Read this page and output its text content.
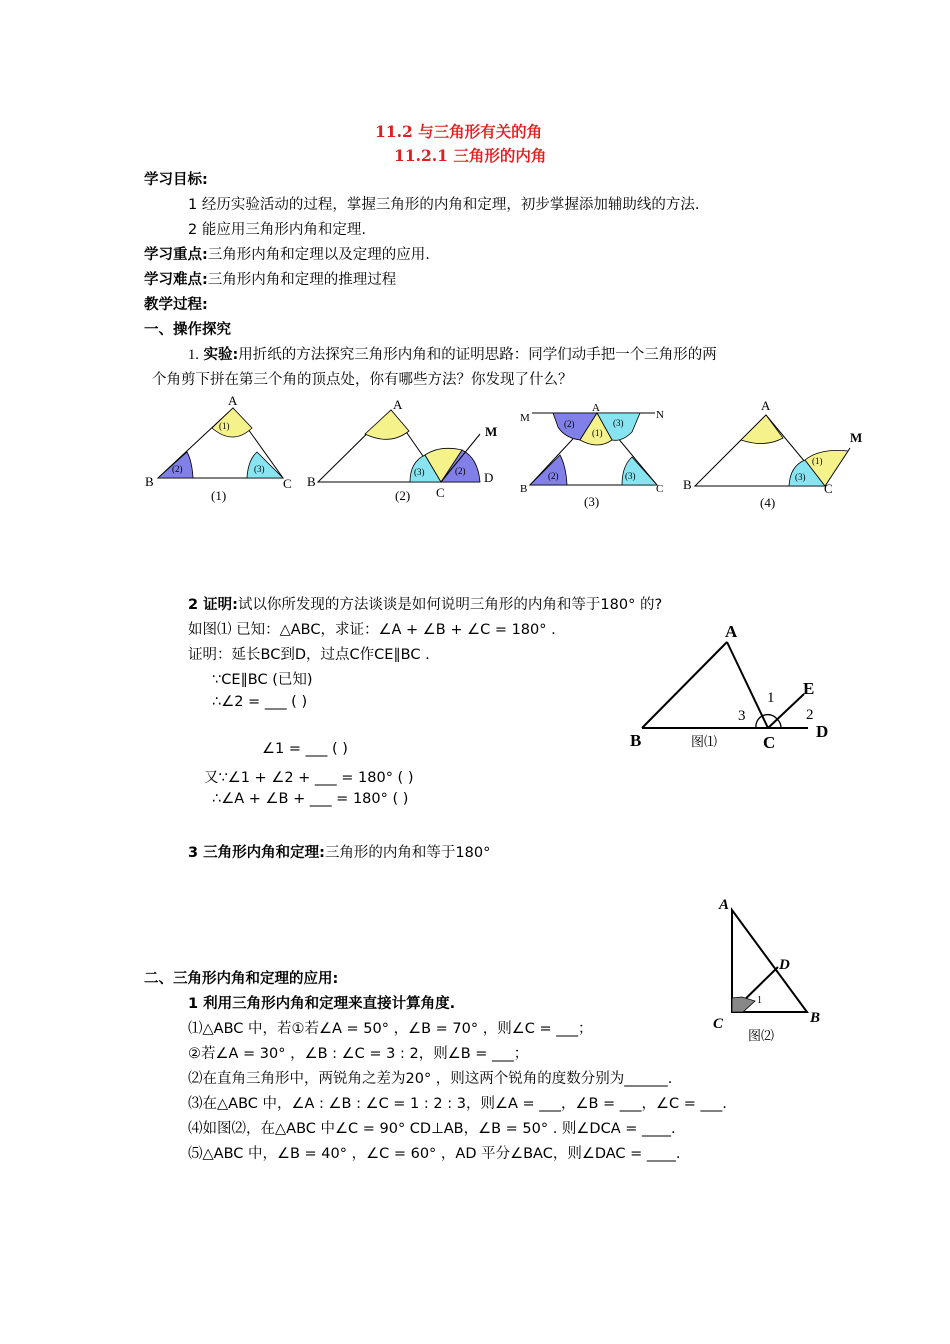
11.2 与三角形有关的角
11.2.1 三角形的内角
学习目标:
1 经历实验活动的过程，掌握三角形的内角和定理，初步掌握添加辅助线的方法.
2 能应用三角形内角和定理.
学习重点:三角形内角和定理以及定理的应用.
学习难点:三角形内角和定理的推理过程
教学过程:
一、操作探究
1. 实验:用折纸的方法探究三角形内角和的证明思路：同学们动手把一个三角形的两
个角剪下拼在第三个角的顶点处，你有哪些方法？你发现了什么？
A
B	C
(1)
(2)	(3)
(1)
A
B
C
D
M
(3)	(2)
(2)
A
M	N
B	C
(2)
(1)
(3)
(2)	(3)
(3)
A
B	C
M
(1)
(3)
(4)
2 证明:试以你所发现的方法谈谈是如何说明三角形的内角和等于180° 的?
如图⑴ 已知：△ABC，求证：∠A + ∠B + ∠C = 180° .
证明：延长BC到D，过点C作CE∥BC .
∵CE∥BC (已知)
∴∠2 = ___ ( )
∠1 = ___ ( )
又∵∠1 + ∠2 + ___ = 180° ( )
∴∠A + ∠B + ___ = 180° ( )
A
B	C
D
E
1
2
3
图⑴
3 三角形内角和定理:三角形的内角和等于180°
A
D
C	B
1
图⑵
二、三角形内角和定理的应用:
1 利用三角形内角和定理来直接计算角度.
⑴△ABC 中，若①若∠A = 50° ，∠B = 70° ，则∠C = ___；
②若∠A = 30° ，∠B : ∠C = 3 : 2，则∠B = ___；
⑵在直角三角形中，两锐角之差为20° ，则这两个锐角的度数分别为______.
⑶在△ABC 中，∠A : ∠B : ∠C = 1 : 2 : 3，则∠A = ___，∠B = ___，∠C = ___.
⑷如图⑵，在△ABC 中∠C = 90° CD⊥AB，∠B = 50° . 则∠DCA = ____.
⑸△ABC 中，∠B = 40° ，∠C = 60° ，AD 平分∠BAC，则∠DAC = ____.
